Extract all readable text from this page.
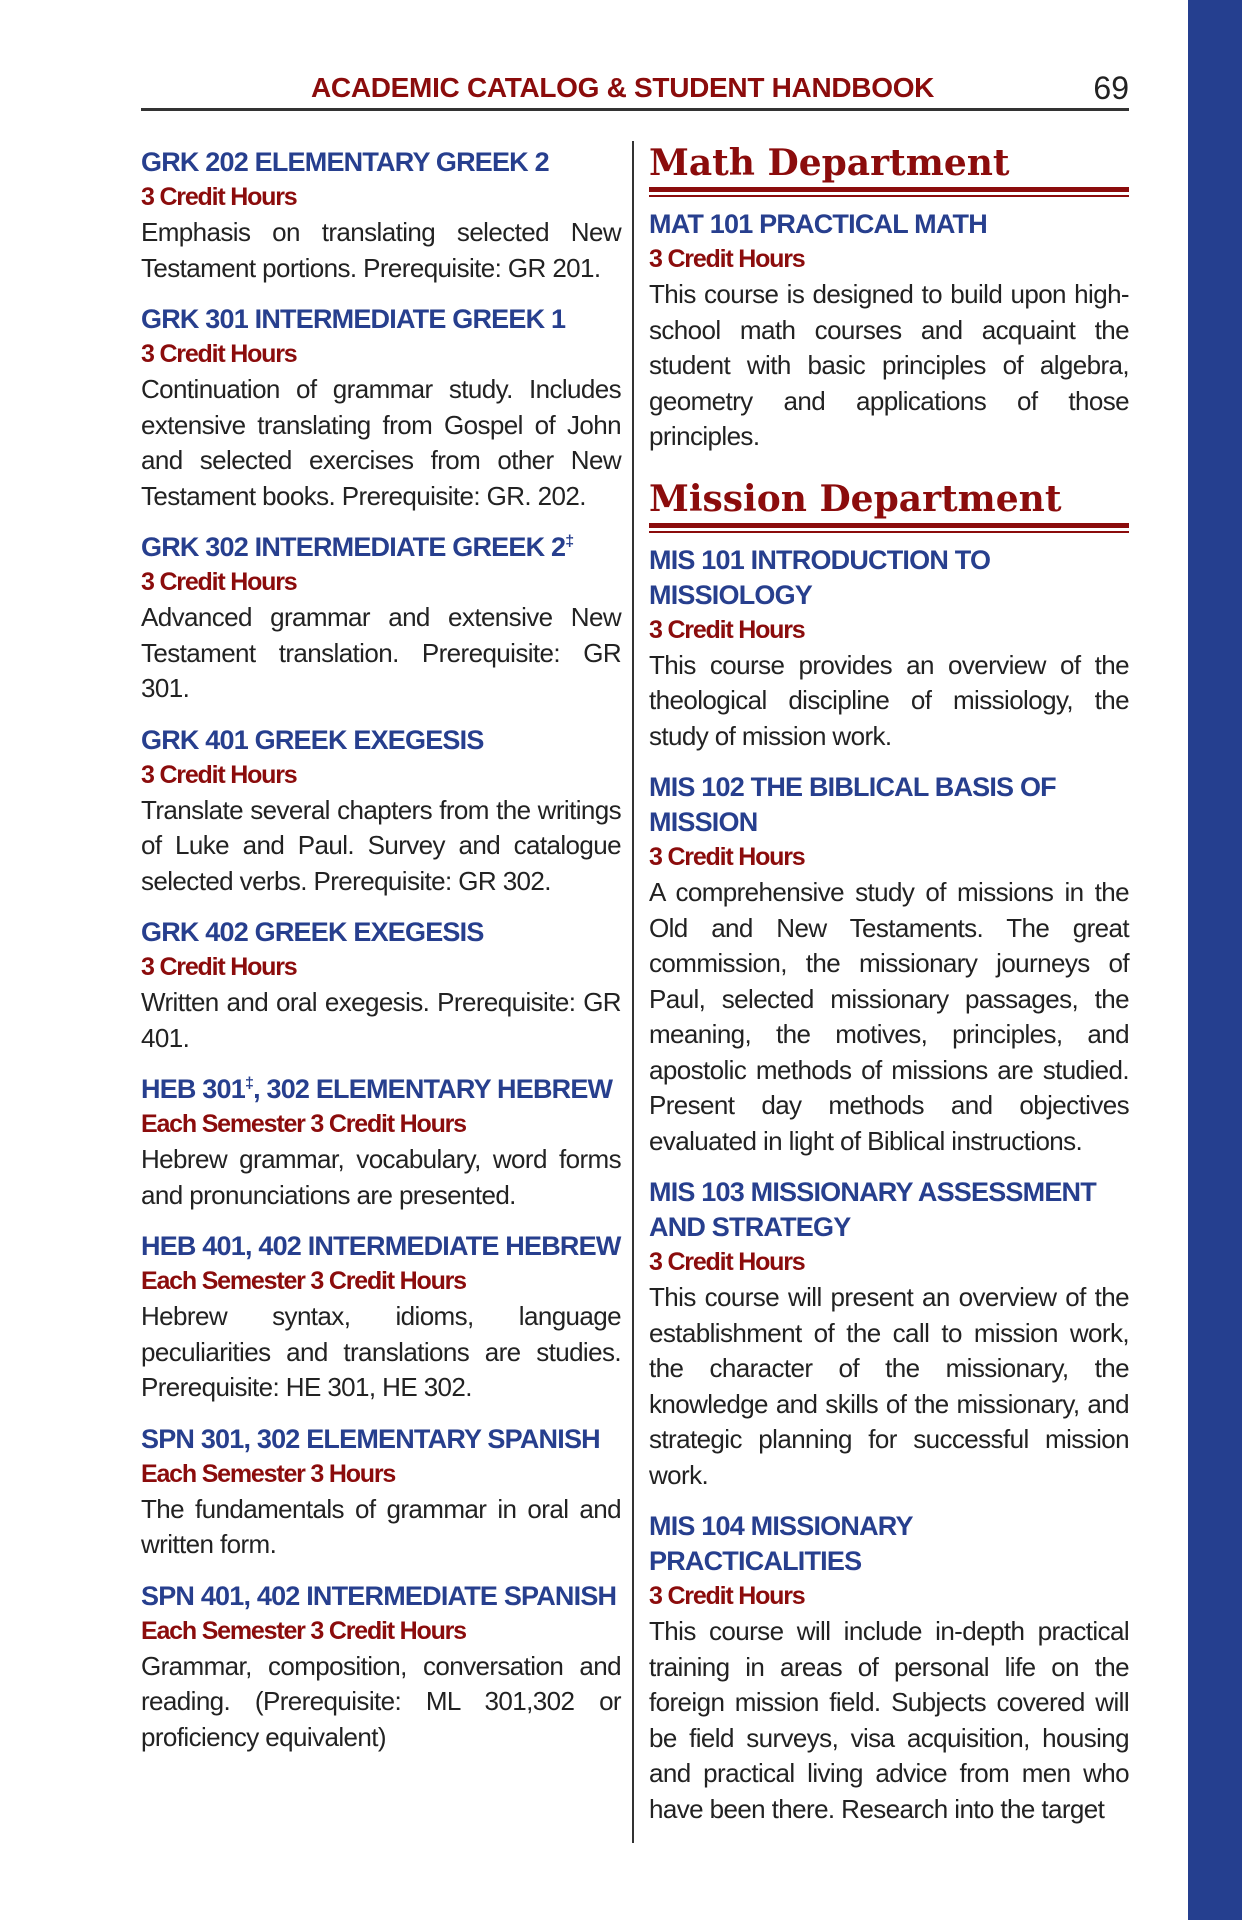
ACADEMIC CATALOG & STUDENT HANDBOOK	69
GRK 202 ELEMENTARY GREEK 2
3 Credit Hours
Emphasis on translating selected New Testament portions. Prerequisite: GR 201.
GRK 301 INTERMEDIATE GREEK 1
3 Credit Hours
Continuation of grammar study. Includes extensive translating from Gospel of John and selected exercises from other New Testament books. Prerequisite: GR. 202.
GRK 302 INTERMEDIATE GREEK 2‡
3 Credit Hours
Advanced grammar and extensive New Testament translation. Prerequisite: GR 301.
GRK 401 GREEK EXEGESIS
3 Credit Hours
Translate several chapters from the writings of Luke and Paul. Survey and catalogue selected verbs. Prerequisite: GR 302.
GRK 402 GREEK EXEGESIS
3 Credit Hours
Written and oral exegesis. Prerequisite: GR 401.
HEB 301‡, 302 ELEMENTARY HEBREW
Each Semester 3 Credit Hours
Hebrew grammar, vocabulary, word forms and pronunciations are presented.
HEB 401, 402 INTERMEDIATE HEBREW
Each Semester 3 Credit Hours
Hebrew syntax, idioms, language peculiarities and translations are studies. Prerequisite: HE 301, HE 302.
SPN 301, 302 ELEMENTARY SPANISH
Each Semester 3 Hours
The fundamentals of grammar in oral and written form.
SPN 401, 402 INTERMEDIATE SPANISH
Each Semester 3 Credit Hours
Grammar, composition, conversation and reading. (Prerequisite: ML 301,302 or proficiency equivalent)
Math Department
MAT 101 PRACTICAL MATH
3 Credit Hours
This course is designed to build upon high-school math courses and acquaint the student with basic principles of algebra, geometry and applications of those principles.
Mission Department
MIS 101 INTRODUCTION TO MISSIOLOGY
3 Credit Hours
This course provides an overview of the theological discipline of missiology, the study of mission work.
MIS 102 THE BIBLICAL BASIS OF MISSION
3 Credit Hours
A comprehensive study of missions in the Old and New Testaments. The great commission, the missionary journeys of Paul, selected missionary passages, the meaning, the motives, principles, and apostolic methods of missions are studied. Present day methods and objectives evaluated in light of Biblical instructions.
MIS 103 MISSIONARY ASSESSMENT AND STRATEGY
3 Credit Hours
This course will present an overview of the establishment of the call to mission work, the character of the missionary, the knowledge and skills of the missionary, and strategic planning for successful mission work.
MIS 104 MISSIONARY PRACTICALITIES
3 Credit Hours
This course will include in-depth practical training in areas of personal life on the foreign mission field. Subjects covered will be field surveys, visa acquisition, housing and practical living advice from men who have been there. Research into the target
